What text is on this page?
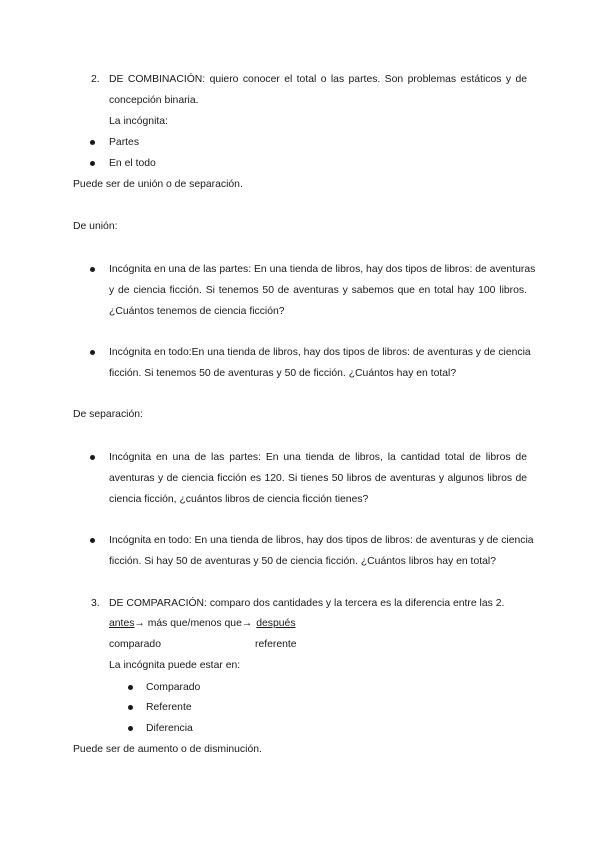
2. DE COMBINACIÓN: quiero conocer el total o las partes. Son problemas estáticos y de
concepción binaria.
La incógnita:
Partes
En el todo
Puede ser de unión o de separación.
De unión:
Incógnita en una de las partes: En una tienda de libros, hay dos tipos de libros: de aventuras
y de ciencia ficción. Si tenemos 50 de aventuras y sabemos que en total hay 100 libros.
¿Cuántos tenemos de ciencia ficción?
Incógnita en todo:En una tienda de libros, hay dos tipos de libros: de aventuras y de ciencia
ficción. Si tenemos 50 de aventuras y 50 de ficción. ¿Cuántos hay en total?
De separación:
Incógnita en una de las partes: En una tienda de libros, la cantidad total de libros de
aventuras y de ciencia ficción es 120. Si tienes 50 libros de aventuras y algunos libros de
ciencia ficción, ¿cuántos libros de ciencia ficción tienes?
Incógnita en todo: En una tienda de libros, hay dos tipos de libros: de aventuras y de ciencia
ficción. Si hay 50 de aventuras y 50 de ciencia ficción. ¿Cuántos libros hay en total?
3. DE COMPARACIÓN: comparo dos cantidades y la tercera es la diferencia entre las 2.
antes→ más que/menos que→ después
comparado	referente
La incógnita puede estar en:
Comparado
Referente
Diferencia
Puede ser de aumento o de disminución.
